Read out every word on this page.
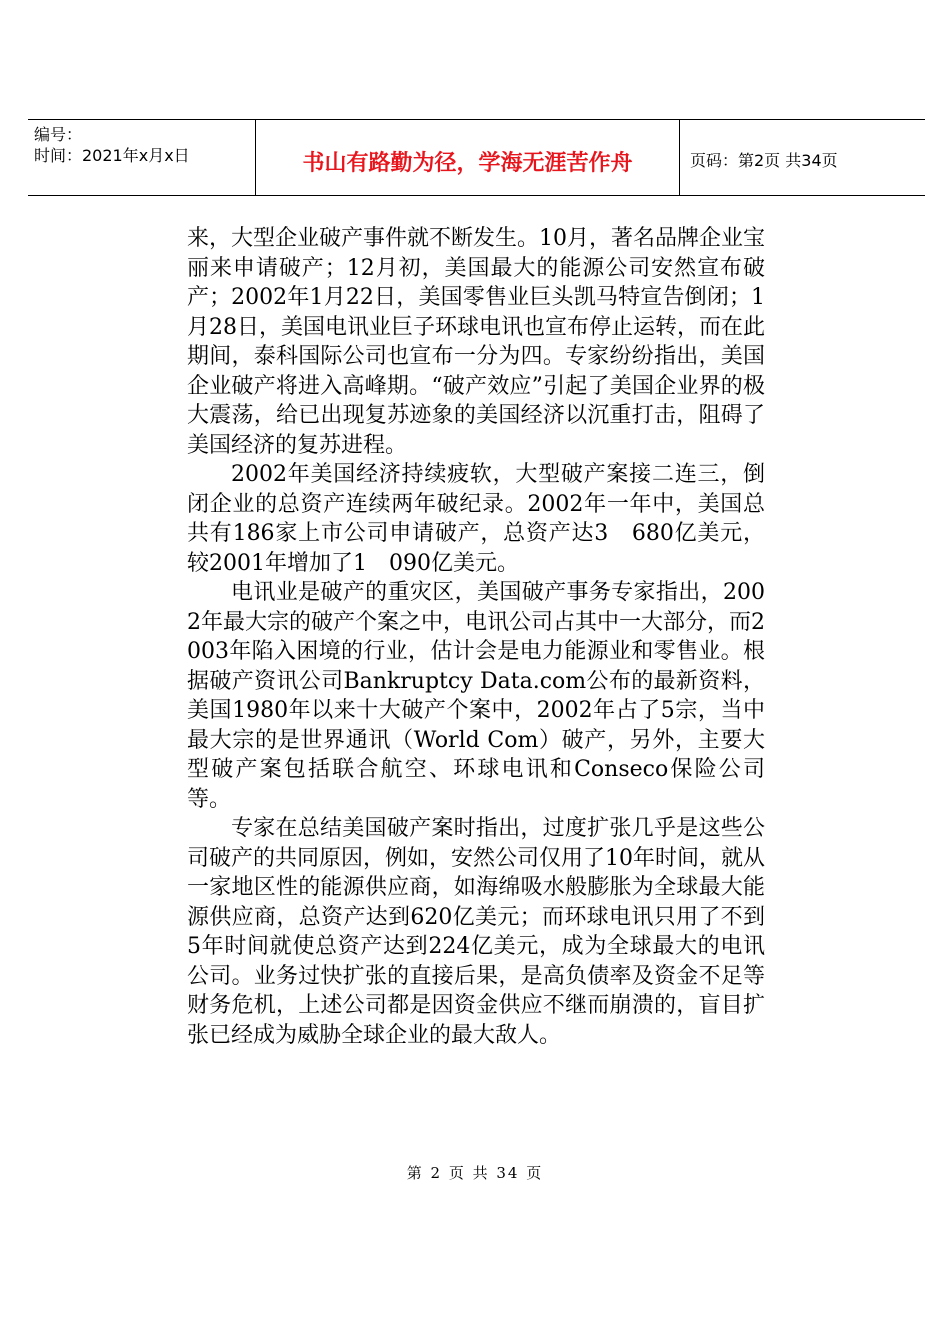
编号：
时间：2021年x月x日	书山有路勤为径，学海无涯苦作舟	页码：第2页 共34页

来，大型企业破产事件就不断发生。10月，著名品牌企业宝丽来申请破产；12月初，美国最大的能源公司安然宣布破产；2002年1月22日，美国零售业巨头凯马特宣告倒闭；1月28日，美国电讯业巨子环球电讯也宣布停止运转，而在此期间，泰科国际公司也宣布一分为四。专家纷纷指出，美国企业破产将进入高峰期。“破产效应”引起了美国企业界的极大震荡，给已出现复苏迹象的美国经济以沉重打击，阻碍了美国经济的复苏进程。

2002年美国经济持续疲软，大型破产案接二连三，倒闭企业的总资产连续两年破纪录。2002年一年中，美国总共有186家上市公司申请破产，总资产达3　680亿美元，较2001年增加了1　090亿美元。

电讯业是破产的重灾区，美国破产事务专家指出，2002年最大宗的破产个案之中，电讯公司占其中一大部分，而2003年陷入困境的行业，估计会是电力能源业和零售业。根据破产资讯公司Bankruptcy Data.com公布的最新资料，美国1980年以来十大破产个案中，2002年占了5宗，当中最大宗的是世界通讯（World Com）破产，另外，主要大型破产案包括联合航空、环球电讯和Conseco保险公司等。

专家在总结美国破产案时指出，过度扩张几乎是这些公司破产的共同原因，例如，安然公司仅用了10年时间，就从一家地区性的能源供应商，如海绵吸水般膨胀为全球最大能源供应商，总资产达到620亿美元；而环球电讯只用了不到5年时间就使总资产达到224亿美元，成为全球最大的电讯公司。业务过快扩张的直接后果，是高负债率及资金不足等财务危机，上述公司都是因资金供应不继而崩溃的，盲目扩张已经成为威胁全球企业的最大敌人。

第 2 页 共 34 页
